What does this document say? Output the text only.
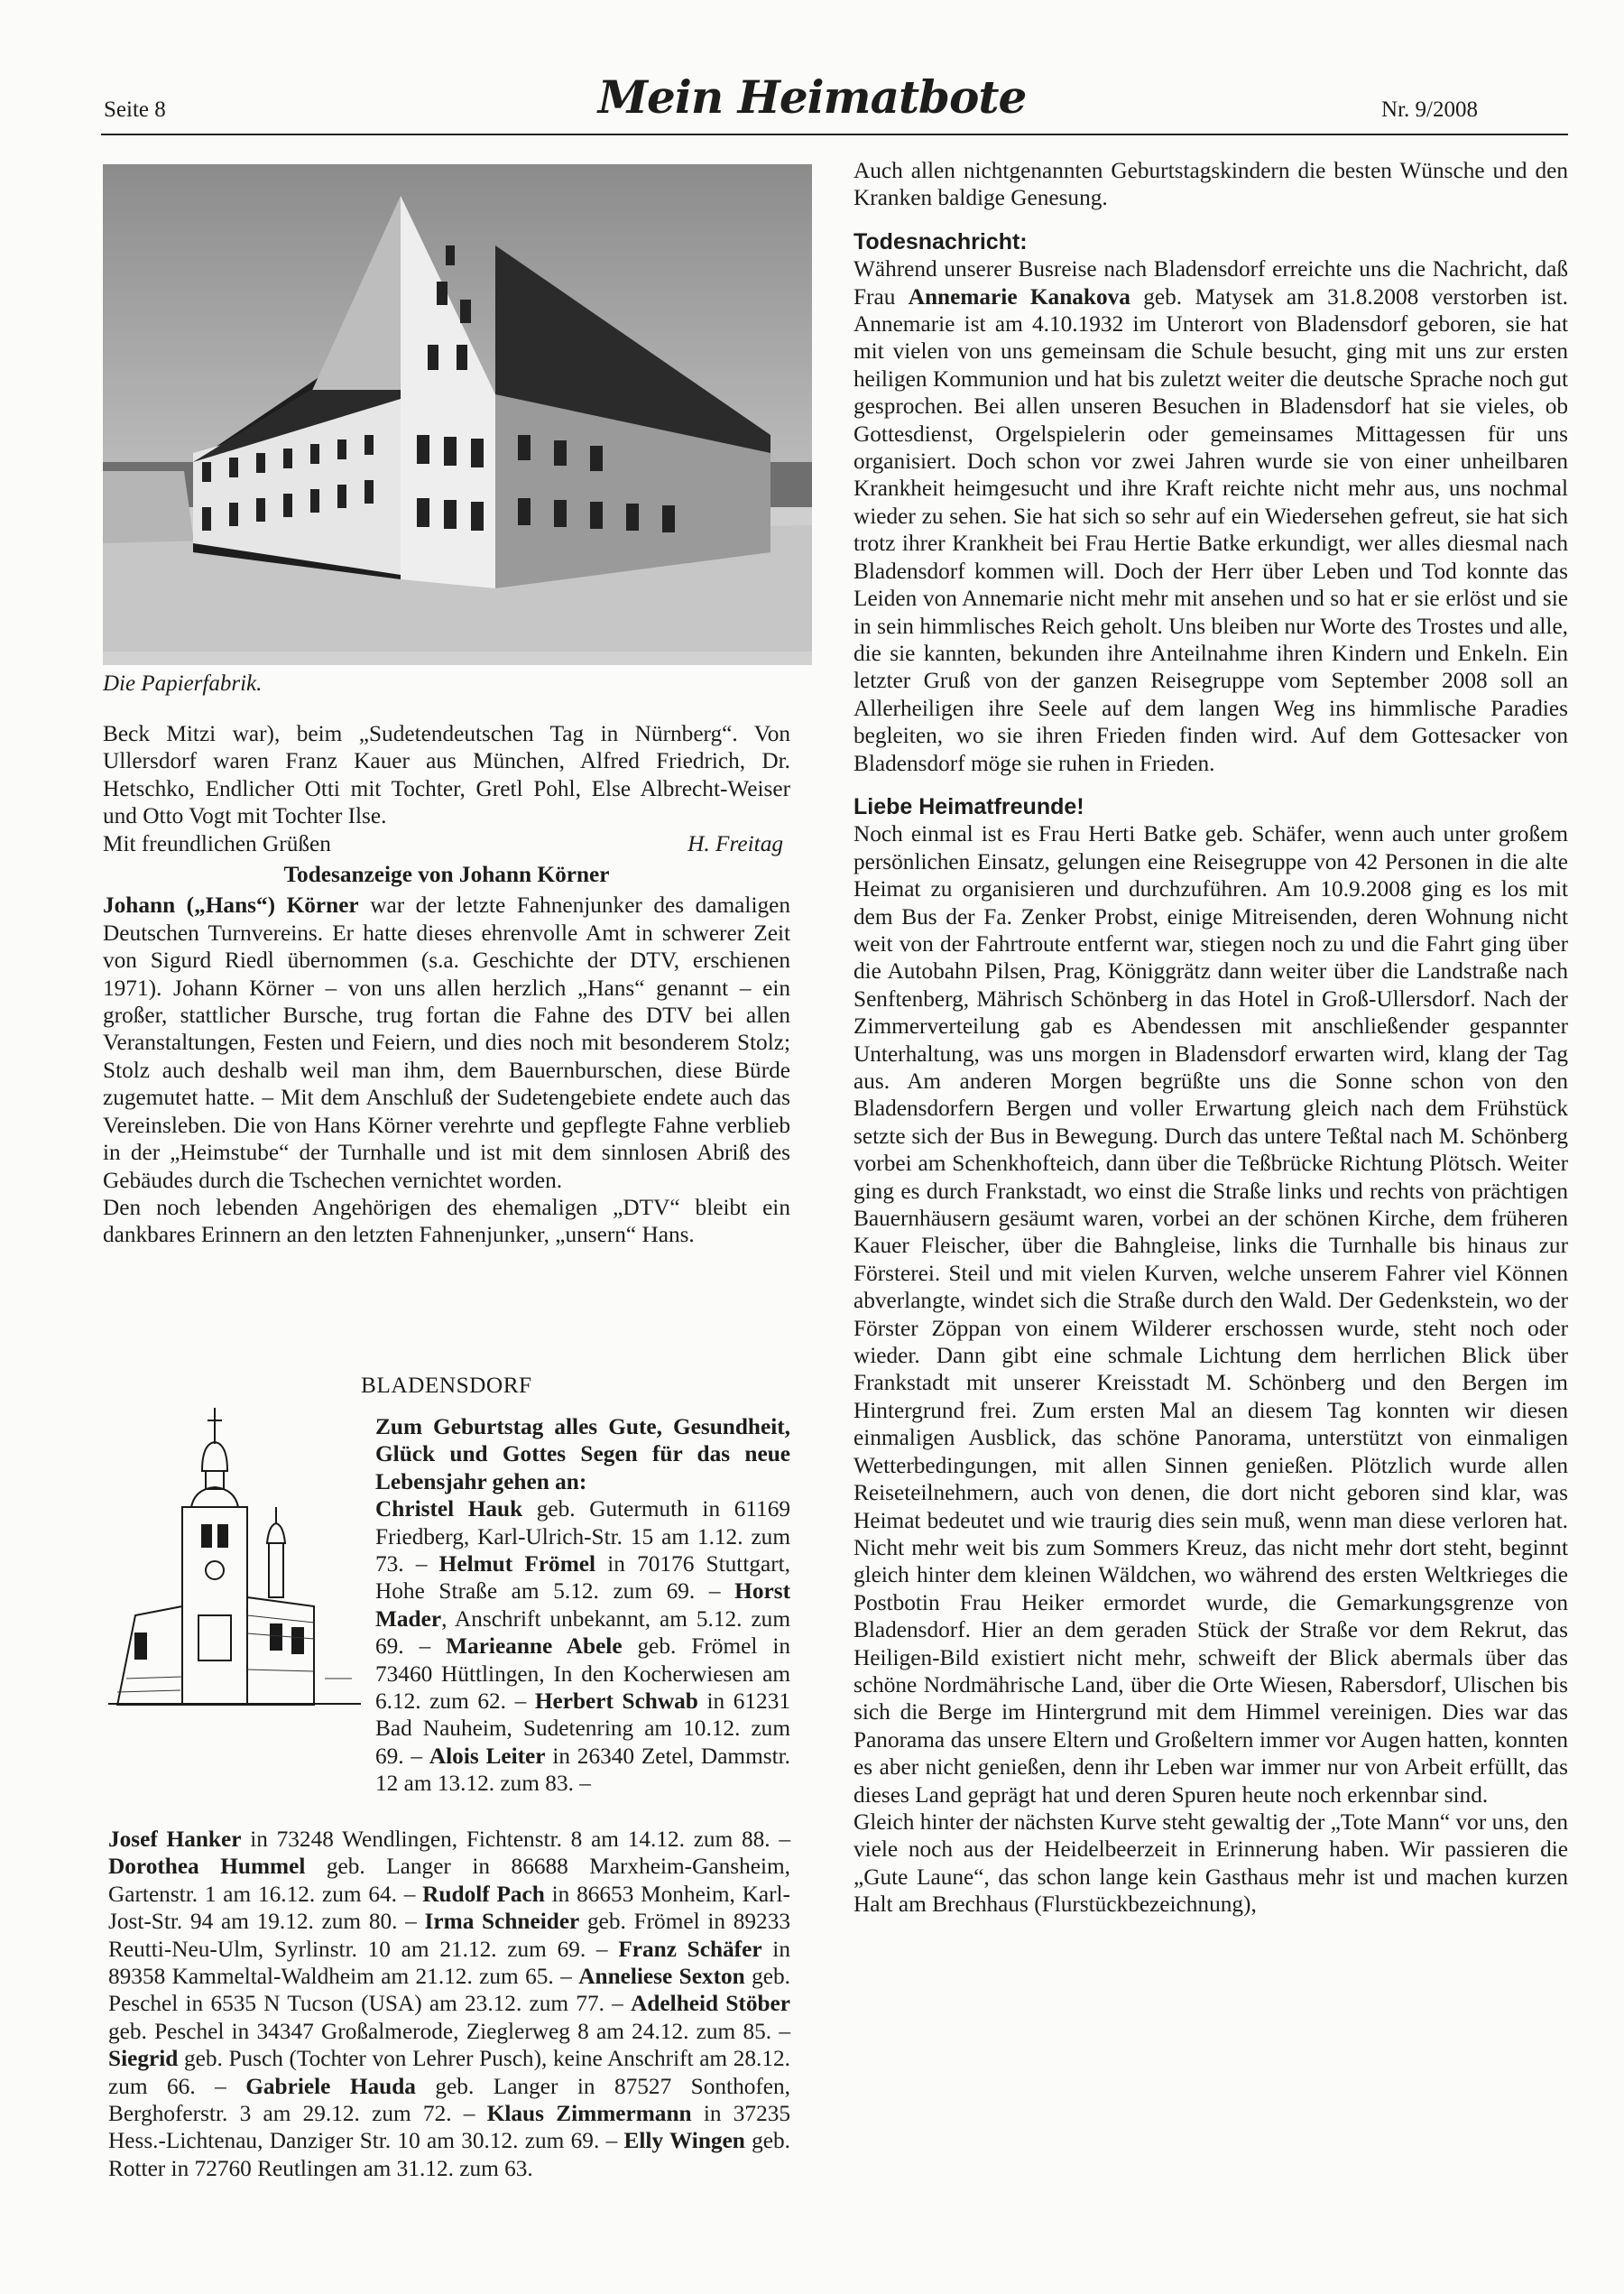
Seite 8	Mein Heimatbote	Nr. 9/2008
Die Papierfabrik.

Beck Mitzi war), beim „Sudetendeutschen Tag in Nürnberg“. Von Ullersdorf waren Franz Kauer aus München, Alfred Friedrich, Dr. Hetschko, Endlicher Otti mit Tochter, Gretl Pohl, Else Albrecht-Weiser und Otto Vogt mit Tochter Ilse.

Mit freundlichen Grüßen	H. Freitag

Todesanzeige von Johann Körner

Johann („Hans“) Körner war der letzte Fahnenjunker des damaligen Deutschen Turnvereins. Er hatte dieses ehrenvolle Amt in schwerer Zeit von Sigurd Riedl übernommen (s.a. Geschichte der DTV, erschienen 1971). Johann Körner – von uns allen herzlich „Hans“ genannt – ein großer, stattlicher Bursche, trug fortan die Fahne des DTV bei allen Veranstaltungen, Festen und Feiern, und dies noch mit besonderem Stolz; Stolz auch deshalb weil man ihm, dem Bauernburschen, diese Bürde zugemutet hatte. – Mit dem Anschluß der Sudetengebiete endete auch das Vereinsleben. Die von Hans Körner verehrte und gepflegte Fahne verblieb in der „Heimstube“ der Turnhalle und ist mit dem sinnlosen Abriß des Gebäudes durch die Tschechen vernichtet worden.

Den noch lebenden Angehörigen des ehemaligen „DTV“ bleibt ein dankbares Erinnern an den letzten Fahnenjunker, „unsern“ Hans.

BLADENSDORF

Zum Geburtstag alles Gute, Gesundheit, Glück und Gottes Segen für das neue Lebensjahr gehen an:

Christel Hauk geb. Gutermuth in 61169 Friedberg, Karl-Ulrich-Str. 15 am 1.12. zum 73. – Helmut Frömel in 70176 Stuttgart, Hohe Straße am 5.12. zum 69. – Horst Mader, Anschrift unbekannt, am 5.12. zum 69. – Marieanne Abele geb. Frömel in 73460 Hüttlingen, In den Kocherwiesen am 6.12. zum 62. – Herbert Schwab in 61231 Bad Nauheim, Sudetenring am 10.12. zum 69. – Alois Leiter in 26340 Zetel, Dammstr. 12 am 13.12. zum 83. –

Josef Hanker in 73248 Wendlingen, Fichtenstr. 8 am 14.12. zum 88. – Dorothea Hummel geb. Langer in 86688 Marxheim-Gansheim, Gartenstr. 1 am 16.12. zum 64. – Rudolf Pach in 86653 Monheim, Karl-Jost-Str. 94 am 19.12. zum 80. – Irma Schneider geb. Frömel in 89233 Reutti-Neu-Ulm, Syrlinstr. 10 am 21.12. zum 69. – Franz Schäfer in 89358 Kammeltal-Waldheim am 21.12. zum 65. – Anneliese Sexton geb. Peschel in 6535 N Tucson (USA) am 23.12. zum 77. – Adelheid Stöber geb. Peschel in 34347 Großalmerode, Zieglerweg 8 am 24.12. zum 85. – Siegrid geb. Pusch (Tochter von Lehrer Pusch), keine Anschrift am 28.12. zum 66. – Gabriele Hauda geb. Langer in 87527 Sonthofen, Berghoferstr. 3 am 29.12. zum 72. – Klaus Zimmermann in 37235 Hess.-Lichtenau, Danziger Str. 10 am 30.12. zum 69. – Elly Wingen geb. Rotter in 72760 Reutlingen am 31.12. zum 63.

Auch allen nichtgenannten Geburtstagskindern die besten Wünsche und den Kranken baldige Genesung.

Todesnachricht:

Während unserer Busreise nach Bladensdorf erreichte uns die Nachricht, daß Frau Annemarie Kanakova geb. Matysek am 31.8.2008 verstorben ist. Annemarie ist am 4.10.1932 im Unterort von Bladensdorf geboren, sie hat mit vielen von uns gemeinsam die Schule besucht, ging mit uns zur ersten heiligen Kommunion und hat bis zuletzt weiter die deutsche Sprache noch gut gesprochen. Bei allen unseren Besuchen in Bladensdorf hat sie vieles, ob Gottesdienst, Orgelspielerin oder gemeinsames Mittagessen für uns organisiert. Doch schon vor zwei Jahren wurde sie von einer unheilbaren Krankheit heimgesucht und ihre Kraft reichte nicht mehr aus, uns nochmal wieder zu sehen. Sie hat sich so sehr auf ein Wiedersehen gefreut, sie hat sich trotz ihrer Krankheit bei Frau Hertie Batke erkundigt, wer alles diesmal nach Bladensdorf kommen will. Doch der Herr über Leben und Tod konnte das Leiden von Annemarie nicht mehr mit ansehen und so hat er sie erlöst und sie in sein himmlisches Reich geholt. Uns bleiben nur Worte des Trostes und alle, die sie kannten, bekunden ihre Anteilnahme ihren Kindern und Enkeln. Ein letzter Gruß von der ganzen Reisegruppe vom September 2008 soll an Allerheiligen ihre Seele auf dem langen Weg ins himmlische Paradies begleiten, wo sie ihren Frieden finden wird. Auf dem Gottesacker von Bladensdorf möge sie ruhen in Frieden.

Liebe Heimatfreunde!

Noch einmal ist es Frau Herti Batke geb. Schäfer, wenn auch unter großem persönlichen Einsatz, gelungen eine Reisegruppe von 42 Personen in die alte Heimat zu organisieren und durchzuführen. Am 10.9.2008 ging es los mit dem Bus der Fa. Zenker Probst, einige Mitreisenden, deren Wohnung nicht weit von der Fahrtroute entfernt war, stiegen noch zu und die Fahrt ging über die Autobahn Pilsen, Prag, Königgrätz dann weiter über die Landstraße nach Senftenberg, Mährisch Schönberg in das Hotel in Groß-Ullersdorf. Nach der Zimmerverteilung gab es Abendessen mit anschließender gespannter Unterhaltung, was uns morgen in Bladensdorf erwarten wird, klang der Tag aus. Am anderen Morgen begrüßte uns die Sonne schon von den Bladensdorfern Bergen und voller Erwartung gleich nach dem Frühstück setzte sich der Bus in Bewegung. Durch das untere Teßtal nach M. Schönberg vorbei am Schenkhofteich, dann über die Teßbrücke Richtung Plötsch. Weiter ging es durch Frankstadt, wo einst die Straße links und rechts von prächtigen Bauernhäusern gesäumt waren, vorbei an der schönen Kirche, dem früheren Kauer Fleischer, über die Bahngleise, links die Turnhalle bis hinaus zur Försterei. Steil und mit vielen Kurven, welche unserem Fahrer viel Können abverlangte, windet sich die Straße durch den Wald. Der Gedenkstein, wo der Förster Zöppan von einem Wilderer erschossen wurde, steht noch oder wieder. Dann gibt eine schmale Lichtung dem herrlichen Blick über Frankstadt mit unserer Kreisstadt M. Schönberg und den Bergen im Hintergrund frei. Zum ersten Mal an diesem Tag konnten wir diesen einmaligen Ausblick, das schöne Panorama, unterstützt von einmaligen Wetterbedingungen, mit allen Sinnen genießen. Plötzlich wurde allen Reiseteilnehmern, auch von denen, die dort nicht geboren sind klar, was Heimat bedeutet und wie traurig dies sein muß, wenn man diese verloren hat. Nicht mehr weit bis zum Sommers Kreuz, das nicht mehr dort steht, beginnt gleich hinter dem kleinen Wäldchen, wo während des ersten Weltkrieges die Postbotin Frau Heiker ermordet wurde, die Gemarkungsgrenze von Bladensdorf. Hier an dem geraden Stück der Straße vor dem Rekrut, das Heiligen-Bild existiert nicht mehr, schweift der Blick abermals über das schöne Nordmährische Land, über die Orte Wiesen, Rabersdorf, Ulischen bis sich die Berge im Hintergrund mit dem Himmel vereinigen. Dies war das Panorama das unsere Eltern und Großeltern immer vor Augen hatten, konnten es aber nicht genießen, denn ihr Leben war immer nur von Arbeit erfüllt, das dieses Land geprägt hat und deren Spuren heute noch erkennbar sind.

Gleich hinter der nächsten Kurve steht gewaltig der „Tote Mann“ vor uns, den viele noch aus der Heidelbeerzeit in Erinnerung haben. Wir passieren die „Gute Laune“, das schon lange kein Gasthaus mehr ist und machen kurzen Halt am Brechhaus (Flurstückbezeichnung),
